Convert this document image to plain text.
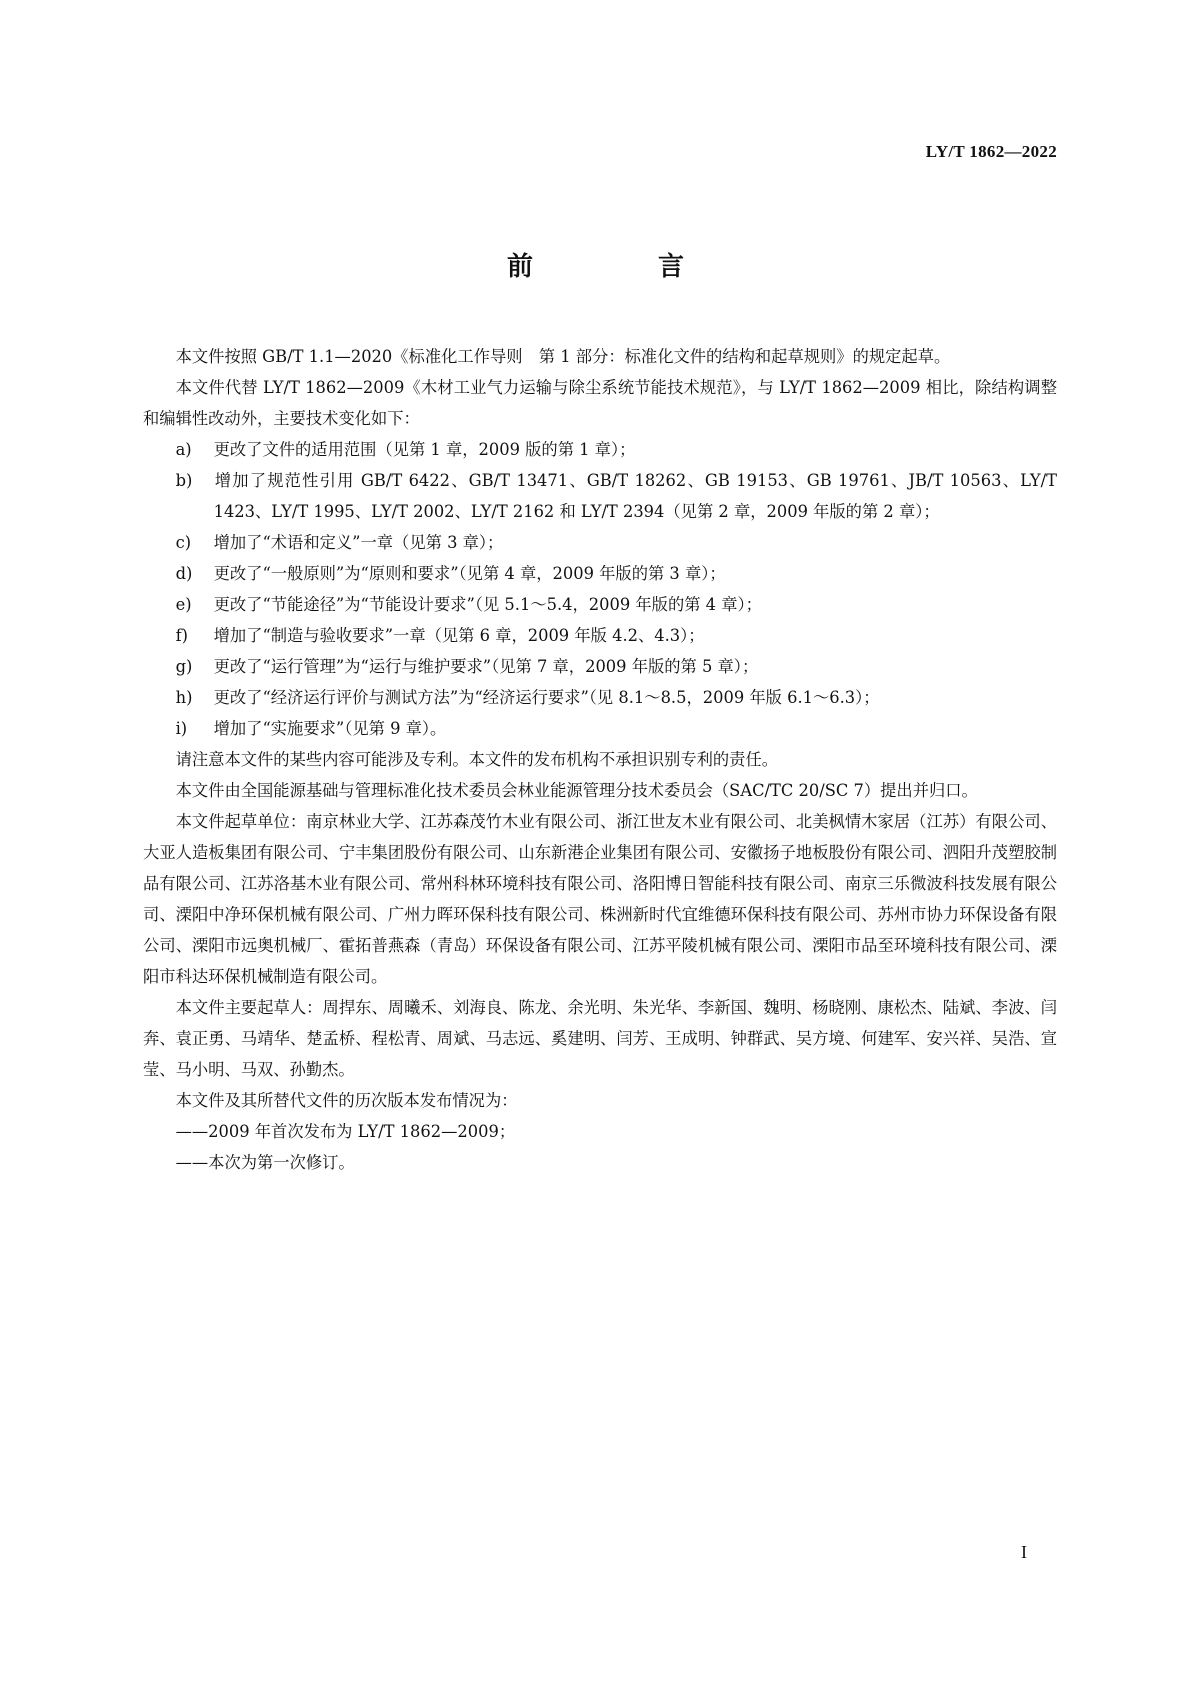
LY/T 1862—2022
前 言

本文件按照 GB/T 1.1—2020《标准化工作导则　第 1 部分：标准化文件的结构和起草规则》的规定起草。

本文件代替 LY/T 1862—2009《木材工业气力运输与除尘系统节能技术规范》，与 LY/T 1862—2009 相比，除结构调整和编辑性改动外，主要技术变化如下：

a) 更改了文件的适用范围（见第 1 章，2009 版的第 1 章）；

b) 增加了规范性引用 GB/T 6422、GB/T 13471、GB/T 18262、GB 19153、GB 19761、JB/T 10563、LY/T 1423、LY/T 1995、LY/T 2002、LY/T 2162 和 LY/T 2394（见第 2 章，2009 年版的第 2 章）；

c) 增加了“术语和定义”一章（见第 3 章）；

d) 更改了“一般原则”为“原则和要求”（见第 4 章，2009 年版的第 3 章）；

e) 更改了“节能途径”为“节能设计要求”（见 5.1～5.4，2009 年版的第 4 章）；

f) 增加了“制造与验收要求”一章（见第 6 章，2009 年版 4.2、4.3）；

g) 更改了“运行管理”为“运行与维护要求”（见第 7 章，2009 年版的第 5 章）；

h) 更改了“经济运行评价与测试方法”为“经济运行要求”（见 8.1～8.5，2009 年版 6.1～6.3）；

i) 增加了“实施要求”（见第 9 章）。

请注意本文件的某些内容可能涉及专利。本文件的发布机构不承担识别专利的责任。

本文件由全国能源基础与管理标准化技术委员会林业能源管理分技术委员会（SAC/TC 20/SC 7）提出并归口。

本文件起草单位：南京林业大学、江苏森茂竹木业有限公司、浙江世友木业有限公司、北美枫情木家居（江苏）有限公司、大亚人造板集团有限公司、宁丰集团股份有限公司、山东新港企业集团有限公司、安徽扬子地板股份有限公司、泗阳升茂塑胶制品有限公司、江苏洛基木业有限公司、常州科林环境科技有限公司、洛阳博日智能科技有限公司、南京三乐微波科技发展有限公司、溧阳中净环保机械有限公司、广州力晖环保科技有限公司、株洲新时代宜维德环保科技有限公司、苏州市协力环保设备有限公司、溧阳市远奥机械厂、霍拓普燕森（青岛）环保设备有限公司、江苏平陵机械有限公司、溧阳市品至环境科技有限公司、溧阳市科达环保机械制造有限公司。

本文件主要起草人：周捍东、周曦禾、刘海良、陈龙、余光明、朱光华、李新国、魏明、杨晓刚、康松杰、陆斌、李波、闫奔、袁正勇、马靖华、楚孟桥、程松青、周斌、马志远、奚建明、闫芳、王成明、钟群武、吴方境、何建军、安兴祥、吴浩、宣莹、马小明、马双、孙勤杰。

本文件及其所替代文件的历次版本发布情况为：

——2009 年首次发布为 LY/T 1862—2009；

——本次为第一次修订。

I
